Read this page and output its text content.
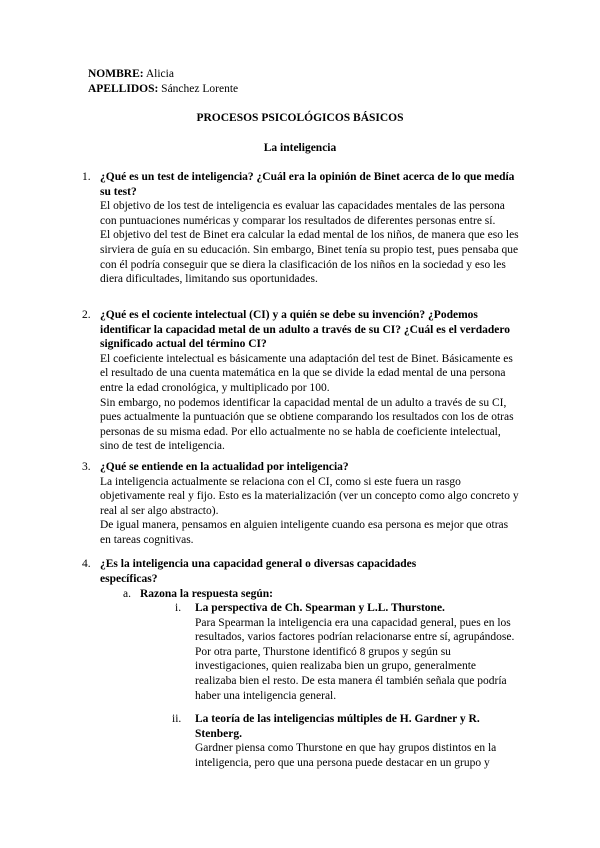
NOMBRE: Alicia
APELLIDOS: Sánchez Lorente
PROCESOS PSICOLÓGICOS BÁSICOS
La inteligencia
1. ¿Qué es un test de inteligencia? ¿Cuál era la opinión de Binet acerca de lo que medía su test?

El objetivo de los test de inteligencia es evaluar las capacidades mentales de las persona con puntuaciones numéricas y comparar los resultados de diferentes personas entre sí.

El objetivo del test de Binet era calcular la edad mental de los niños, de manera que eso les sirviera de guía en su educación. Sin embargo, Binet tenía su propio test, pues pensaba que con él podría conseguir que se diera la clasificación de los niños en la sociedad y eso les diera dificultades, limitando sus oportunidades.

2. ¿Qué es el cociente intelectual (CI) y a quién se debe su invención? ¿Podemos identificar la capacidad metal de un adulto a través de su CI? ¿Cuál es el verdadero significado actual del término CI?

El coeficiente intelectual es básicamente una adaptación del test de Binet. Básicamente es el resultado de una cuenta matemática en la que se divide la edad mental de una persona entre la edad cronológica, y multiplicado por 100.

Sin embargo, no podemos identificar la capacidad mental de un adulto a través de su CI, pues actualmente la puntuación que se obtiene comparando los resultados con los de otras personas de su misma edad. Por ello actualmente no se habla de coeficiente intelectual, sino de test de inteligencia.

3. ¿Qué se entiende en la actualidad por inteligencia?

La inteligencia actualmente se relaciona con el CI, como si este fuera un rasgo objetivamente real y fijo. Esto es la materialización (ver un concepto como algo concreto y real al ser algo abstracto).

De igual manera, pensamos en alguien inteligente cuando esa persona es mejor que otras en tareas cognitivas.

4. ¿Es la inteligencia una capacidad general o diversas capacidades específicas?
a. Razona la respuesta según:
i. La perspectiva de Ch. Spearman y L.L. Thurstone.

Para Spearman la inteligencia era una capacidad general, pues en los resultados, varios factores podrían relacionarse entre sí, agrupándose.

Por otra parte, Thurstone identificó 8 grupos y según su investigaciones, quien realizaba bien un grupo, generalmente realizaba bien el resto. De esta manera él también señala que podría haber una inteligencia general.

ii. La teoría de las inteligencias múltiples de H. Gardner y R. Stenberg.

Gardner piensa como Thurstone en que hay grupos distintos en la inteligencia, pero que una persona puede destacar en un grupo y
